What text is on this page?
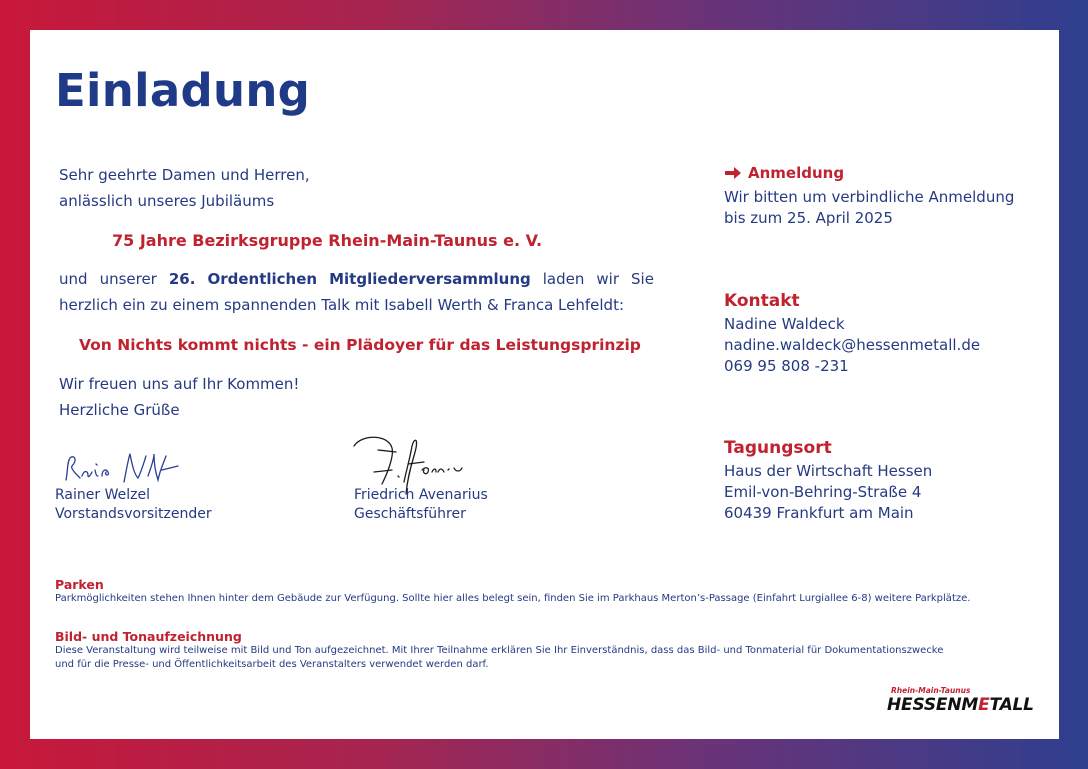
Einladung
Sehr geehrte Damen und Herren,
anlässlich unseres Jubiläums
75 Jahre Bezirksgruppe Rhein-Main-Taunus e. V.
und unserer 26. Ordentlichen Mitgliederversammlung laden wir Sie
herzlich ein zu einem spannenden Talk mit Isabell Werth & Franca Lehfeldt:
Von Nichts kommt nichts - ein Plädoyer für das Leistungsprinzip
Wir freuen uns auf Ihr Kommen!
Herzliche Grüße
Rainer Welzel
Vorstandsvorsitzender
Friedrich Avenarius
Geschäftsführer
Anmeldung
Wir bitten um verbindliche Anmeldung
bis zum 25. April 2025
Kontakt
Nadine Waldeck
nadine.waldeck@hessenmetall.de
069 95 808 -231
Tagungsort
Haus der Wirtschaft Hessen
Emil-von-Behring-Straße 4
60439 Frankfurt am Main
Parken
Parkmöglichkeiten stehen Ihnen hinter dem Gebäude zur Verfügung. Sollte hier alles belegt sein, finden Sie im Parkhaus Merton’s-Passage (Einfahrt Lurgiallee 6-8) weitere Parkplätze.
Bild- und Tonaufzeichnung
Diese Veranstaltung wird teilweise mit Bild und Ton aufgezeichnet. Mit Ihrer Teilnahme erklären Sie Ihr Einverständnis, dass das Bild- und Tonmaterial für Dokumentationszwecke
und für die Presse- und Öffentlichkeitsarbeit des Veranstalters verwendet werden darf.
Rhein-Main-Taunus
HESSENMETALL
